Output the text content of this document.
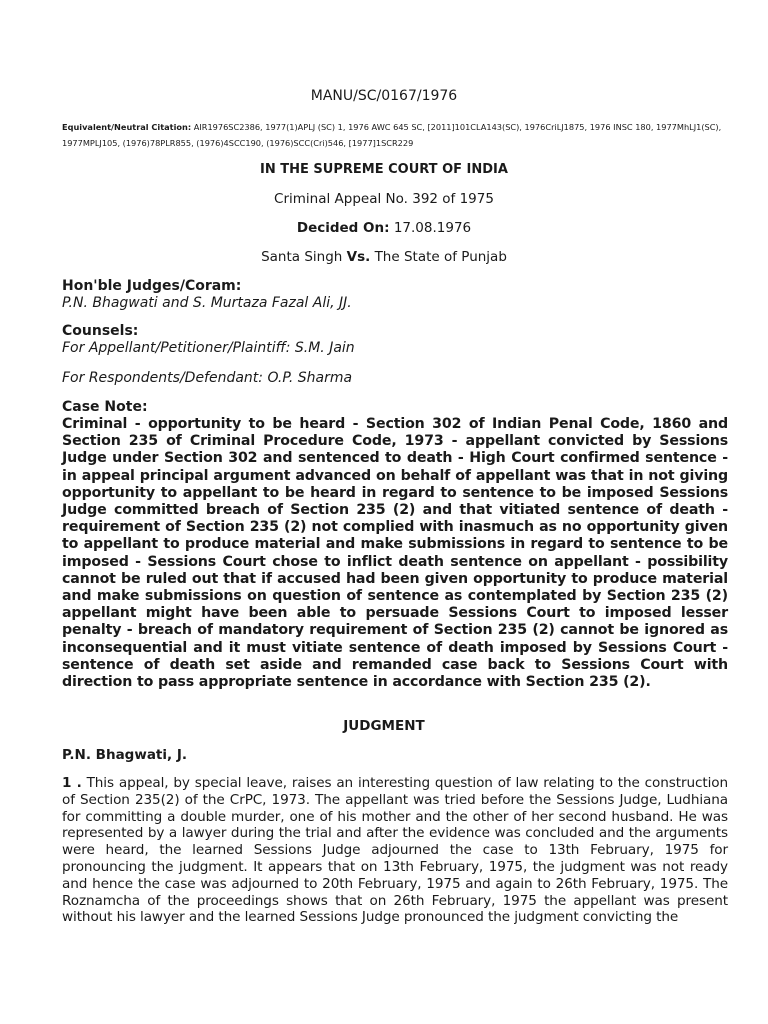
MANU/SC/0167/1976
Equivalent/Neutral Citation: AIR1976SC2386, 1977(1)APLJ (SC) 1, 1976 AWC 645 SC, [2011]101CLA143(SC), 1976CriLJ1875, 1976 INSC 180, 1977MhLJ1(SC), 1977MPLJ105, (1976)78PLR855, (1976)4SCC190, (1976)SCC(Cri)546, [1977]1SCR229
IN THE SUPREME COURT OF INDIA
Criminal Appeal No. 392 of 1975
Decided On: 17.08.1976
Santa Singh Vs. The State of Punjab
Hon'ble Judges/Coram:
P.N. Bhagwati and S. Murtaza Fazal Ali, JJ.
Counsels:
For Appellant/Petitioner/Plaintiff: S.M. Jain
For Respondents/Defendant: O.P. Sharma
Case Note:
Criminal - opportunity to be heard - Section 302 of Indian Penal Code, 1860 and Section 235 of Criminal Procedure Code, 1973 - appellant convicted by Sessions Judge under Section 302 and sentenced to death - High Court confirmed sentence - in appeal principal argument advanced on behalf of appellant was that in not giving opportunity to appellant to be heard in regard to sentence to be imposed Sessions Judge committed breach of Section 235 (2) and that vitiated sentence of death - requirement of Section 235 (2) not complied with inasmuch as no opportunity given to appellant to produce material and make submissions in regard to sentence to be imposed - Sessions Court chose to inflict death sentence on appellant - possibility cannot be ruled out that if accused had been given opportunity to produce material and make submissions on question of sentence as contemplated by Section 235 (2) appellant might have been able to persuade Sessions Court to imposed lesser penalty - breach of mandatory requirement of Section 235 (2) cannot be ignored as inconsequential and it must vitiate sentence of death imposed by Sessions Court - sentence of death set aside and remanded case back to Sessions Court with direction to pass appropriate sentence in accordance with Section 235 (2).
JUDGMENT
P.N. Bhagwati, J.
1 . This appeal, by special leave, raises an interesting question of law relating to the construction of Section 235(2) of the CrPC, 1973. The appellant was tried before the Sessions Judge, Ludhiana for committing a double murder, one of his mother and the other of her second husband. He was represented by a lawyer during the trial and after the evidence was concluded and the arguments were heard, the learned Sessions Judge adjourned the case to 13th February, 1975 for pronouncing the judgment. It appears that on 13th February, 1975, the judgment was not ready and hence the case was adjourned to 20th February, 1975 and again to 26th February, 1975. The Roznamcha of the proceedings shows that on 26th February, 1975 the appellant was present without his lawyer and the learned Sessions Judge pronounced the judgment convicting the
